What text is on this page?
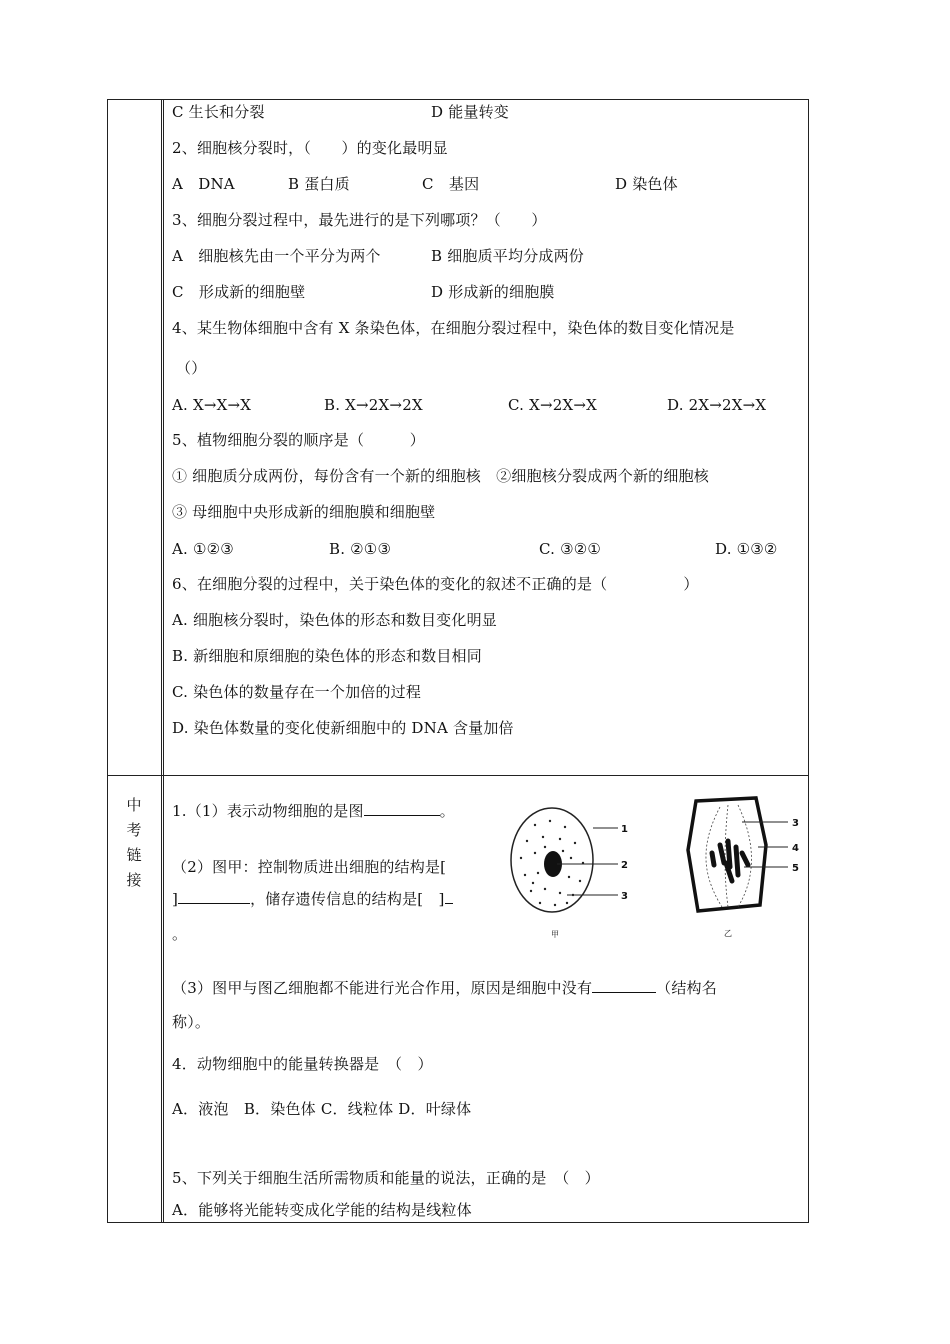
C 生长和分裂	D 能量转变
2、细胞核分裂时，（　　）的变化最明显
A　DNA	B 蛋白质	C　基因	D 染色体
3、细胞分裂过程中，最先进行的是下列哪项？（　　）
A　细胞核先由一个平分为两个	B 细胞质平均分成两份
C　形成新的细胞壁	D 形成新的细胞膜
4、某生物体细胞中含有 X 条染色体，在细胞分裂过程中，染色体的数目变化情况是
（）
A. X→X→X	B. X→2X→2X	C. X→2X→X	D. 2X→2X→X
5、植物细胞分裂的顺序是（　　　）
① 细胞质分成两份，每份含有一个新的细胞核　②细胞核分裂成两个新的细胞核
③ 母细胞中央形成新的细胞膜和细胞壁
A. ①②③	B. ②①③	C. ③②①	D. ①③②
6、在细胞分裂的过程中，关于染色体的变化的叙述不正确的是（　　　　　）
A. 细胞核分裂时，染色体的形态和数目变化明显
B. 新细胞和原细胞的染色体的形态和数目相同
C. 染色体的数量存在一个加倍的过程
D. 染色体数量的变化使新细胞中的 DNA 含量加倍
中
考
链
接
1.（1）表示动物细胞的是图	。
（2）图甲：控制物质进出细胞的结构是[
]	，储存遗传信息的结构是[　]
。
（3）图甲与图乙细胞都不能进行光合作用，原因是细胞中没有	（结构名
称）。
4．动物细胞中的能量转换器是　（　）
A．液泡　B．染色体 C．线粒体 D．叶绿体
5、下列关于细胞生活所需物质和能量的说法，正确的是　（　）
A．能够将光能转变成化学能的结构是线粒体
1
2
3
甲
3
4
5
乙
